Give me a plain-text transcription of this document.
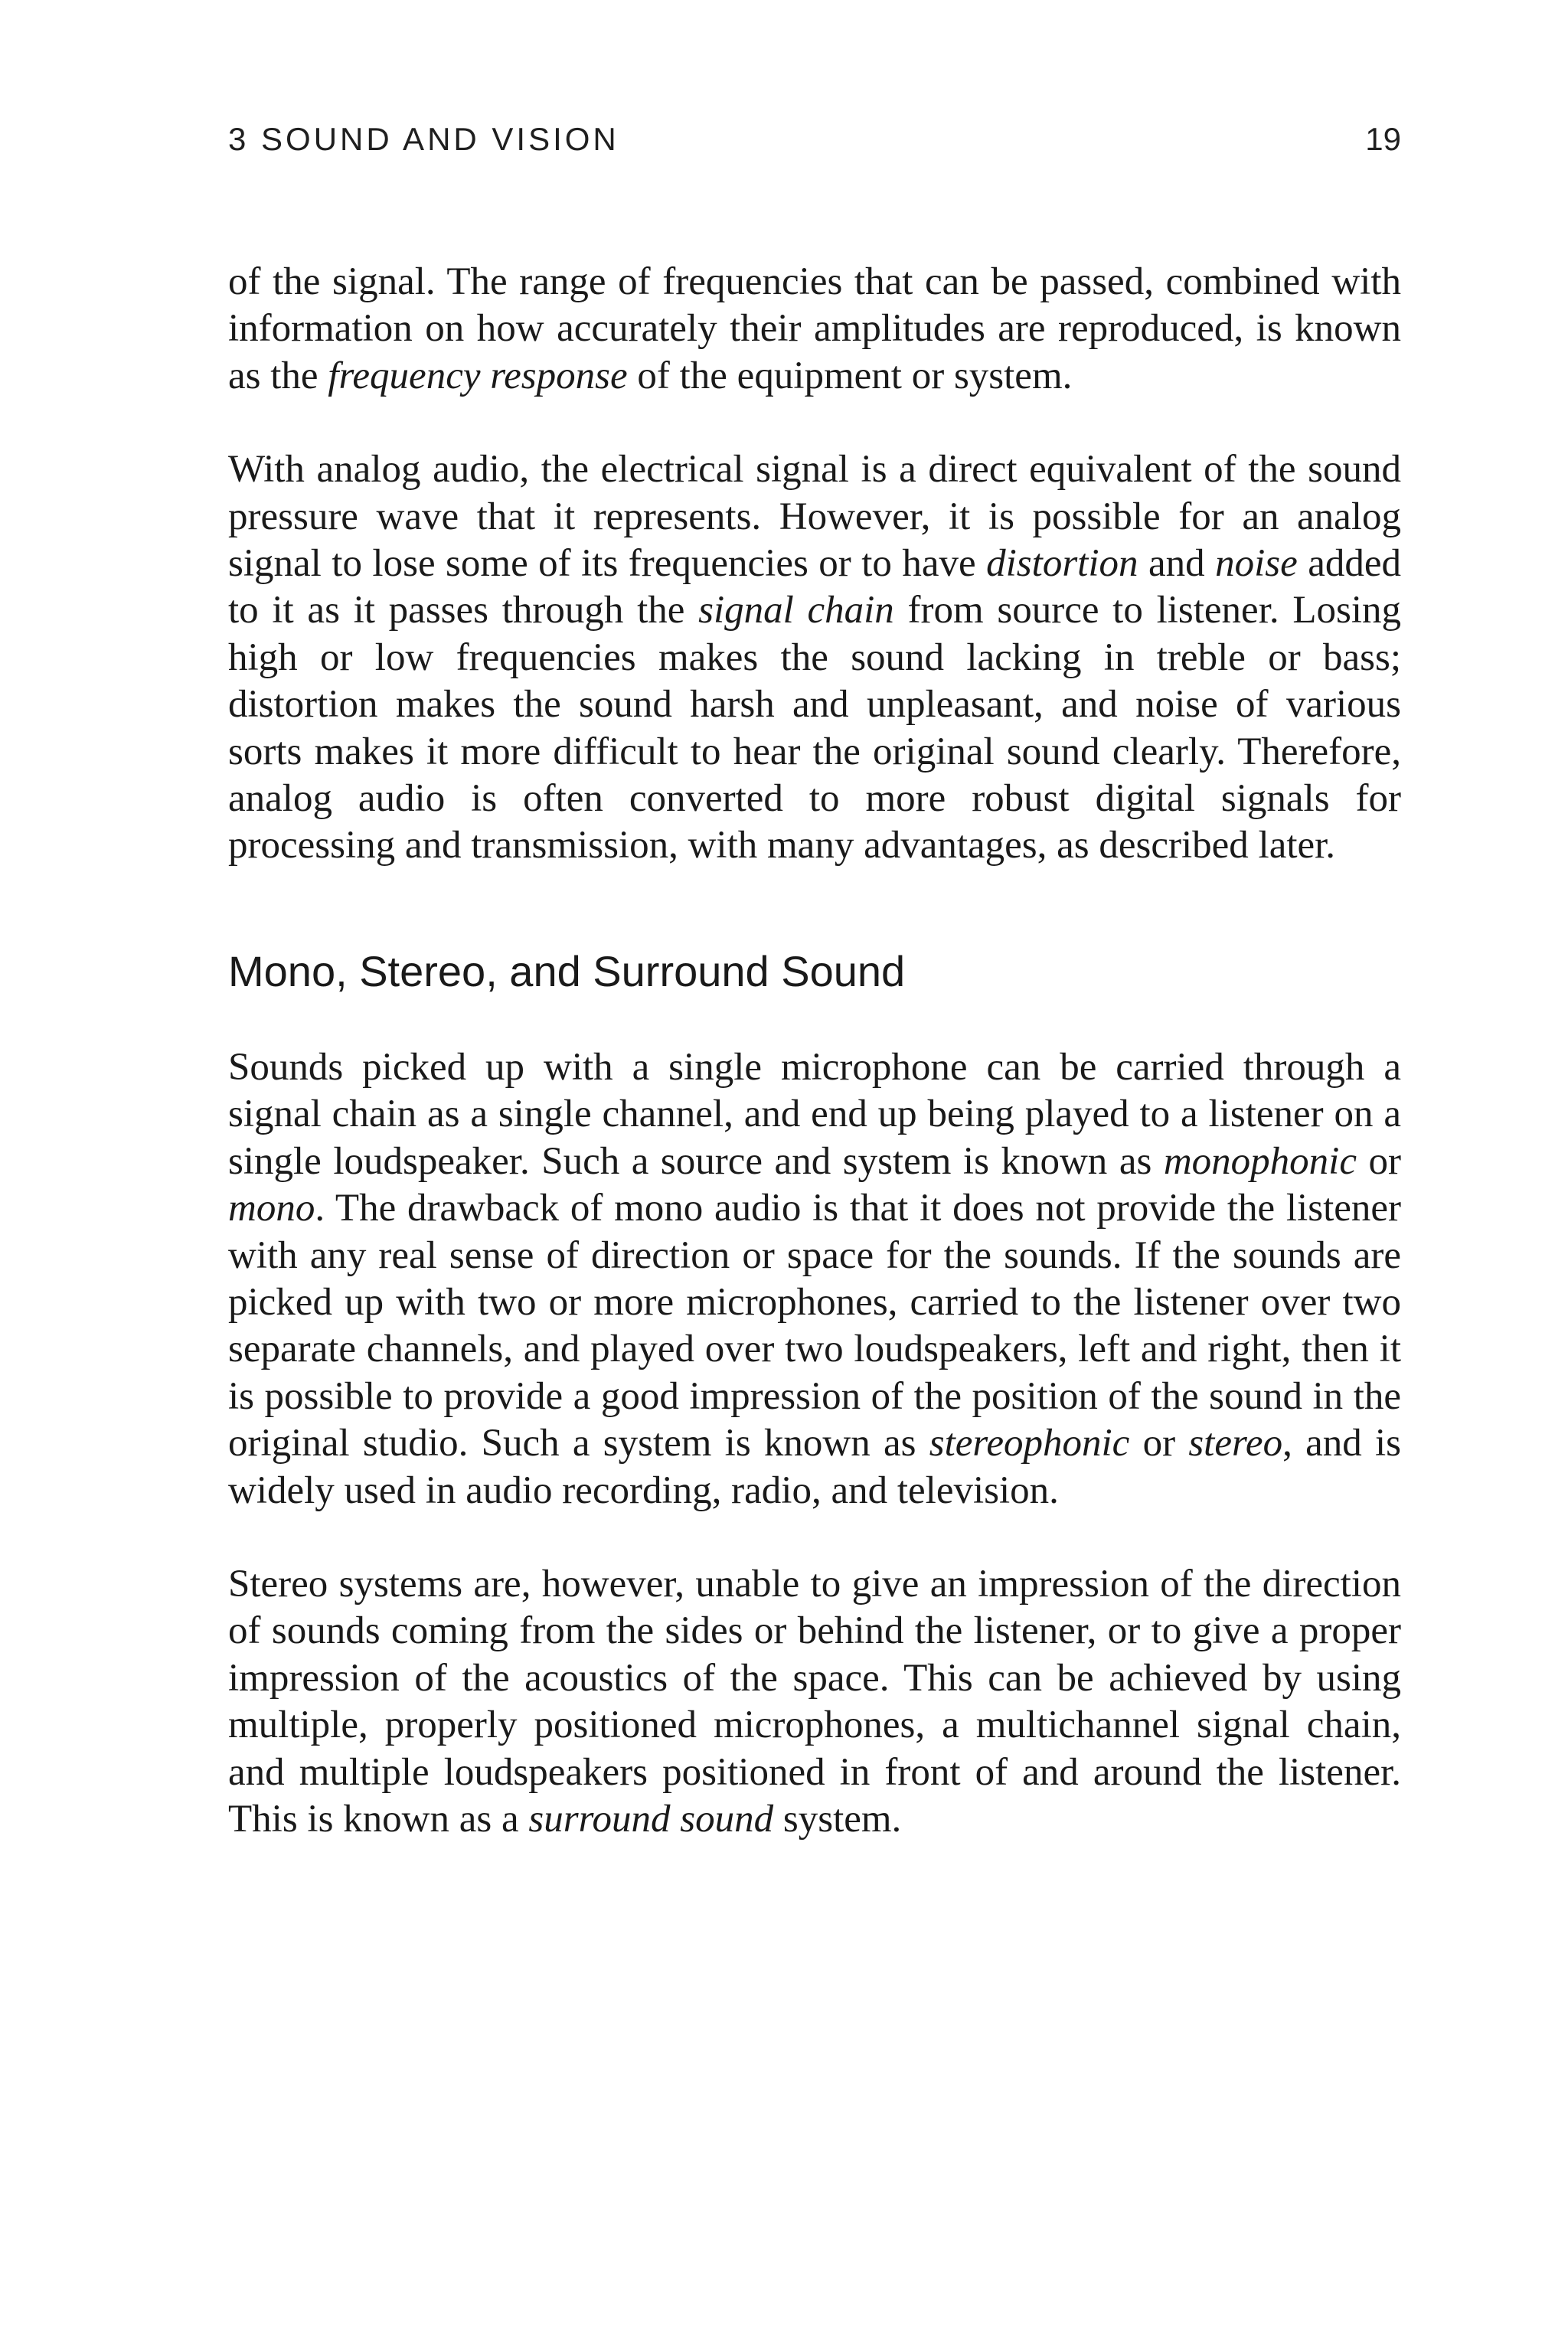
3 SOUND AND VISION	19

of the signal. The range of frequencies that can be passed, combined with information on how accurately their amplitudes are reproduced, is known as the frequency response of the equipment or system.

With analog audio, the electrical signal is a direct equivalent of the sound pressure wave that it represents. However, it is possible for an analog signal to lose some of its frequencies or to have distortion and noise added to it as it passes through the signal chain from source to listener. Losing high or low frequencies makes the sound lacking in treble or bass; distortion makes the sound harsh and unpleasant, and noise of various sorts makes it more difficult to hear the original sound clearly. Therefore, analog audio is often converted to more robust digital signals for processing and transmission, with many advantages, as described later.

Mono, Stereo, and Surround Sound

Sounds picked up with a single microphone can be carried through a signal chain as a single channel, and end up being played to a listener on a single loudspeaker. Such a source and system is known as monophonic or mono. The drawback of mono audio is that it does not provide the listener with any real sense of direction or space for the sounds. If the sounds are picked up with two or more microphones, carried to the listener over two separate channels, and played over two loudspeakers, left and right, then it is possible to provide a good impression of the position of the sound in the original studio. Such a system is known as stereophonic or stereo, and is widely used in audio recording, radio, and television.

Stereo systems are, however, unable to give an impression of the direction of sounds coming from the sides or behind the listener, or to give a proper impression of the acoustics of the space. This can be achieved by using multiple, properly positioned microphones, a multichannel signal chain, and multiple loudspeakers positioned in front of and around the listener. This is known as a surround sound system.
